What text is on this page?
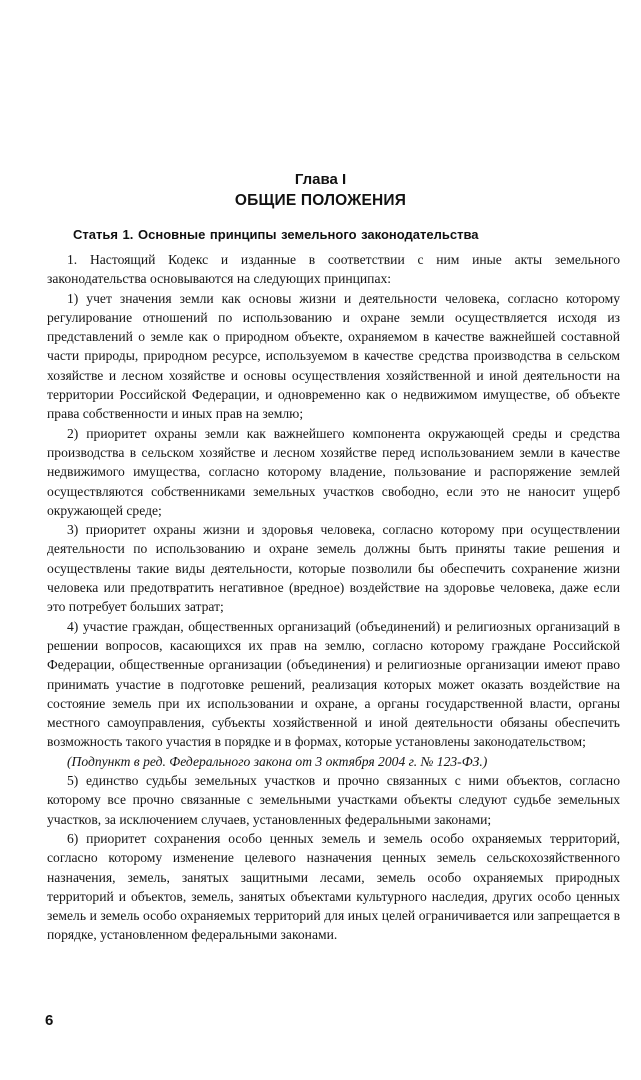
Глава I
ОБЩИЕ ПОЛОЖЕНИЯ
Статья 1. Основные принципы земельного законодательства

1. Настоящий Кодекс и изданные в соответствии с ним иные акты земельного законодательства основываются на следующих принципах:

1) учет значения земли как основы жизни и деятельности человека, согласно которому регулирование отношений по использованию и охране земли осуществляется исходя из представлений о земле как о природном объекте, охраняемом в качестве важнейшей составной части природы, природном ресурсе, используемом в качестве средства производства в сельском хозяйстве и лесном хозяйстве и основы осуществления хозяйственной и иной деятельности на территории Российской Федерации, и одновременно как о недвижимом имуществе, об объекте права собственности и иных прав на землю;

2) приоритет охраны земли как важнейшего компонента окружающей среды и средства производства в сельском хозяйстве и лесном хозяйстве перед использованием земли в качестве недвижимого имущества, согласно которому владение, пользование и распоряжение землей осуществляются собственниками земельных участков свободно, если это не наносит ущерб окружающей среде;

3) приоритет охраны жизни и здоровья человека, согласно которому при осуществлении деятельности по использованию и охране земель должны быть приняты такие решения и осуществлены такие виды деятельности, которые позволили бы обеспечить сохранение жизни человека или предотвратить негативное (вредное) воздействие на здоровье человека, даже если это потребует больших затрат;

4) участие граждан, общественных организаций (объединений) и религиозных организаций в решении вопросов, касающихся их прав на землю, согласно которому граждане Российской Федерации, общественные организации (объединения) и религиозные организации имеют право принимать участие в подготовке решений, реализация которых может оказать воздействие на состояние земель при их использовании и охране, а органы государственной власти, органы местного самоуправления, субъекты хозяйственной и иной деятельности обязаны обеспечить возможность такого участия в порядке и в формах, которые установлены законодательством;

(Подпункт в ред. Федерального закона от 3 октября 2004 г. № 123-ФЗ.)

5) единство судьбы земельных участков и прочно связанных с ними объектов, согласно которому все прочно связанные с земельными участками объекты следуют судьбе земельных участков, за исключением случаев, установленных федеральными законами;

6) приоритет сохранения особо ценных земель и земель особо охраняемых территорий, согласно которому изменение целевого назначения ценных земель сельскохозяйственного назначения, земель, занятых защитными лесами, земель особо охраняемых природных территорий и объектов, земель, занятых объектами культурного наследия, других особо ценных земель и земель особо охраняемых территорий для иных целей ограничивается или запрещается в порядке, установленном федеральными законами.

6
